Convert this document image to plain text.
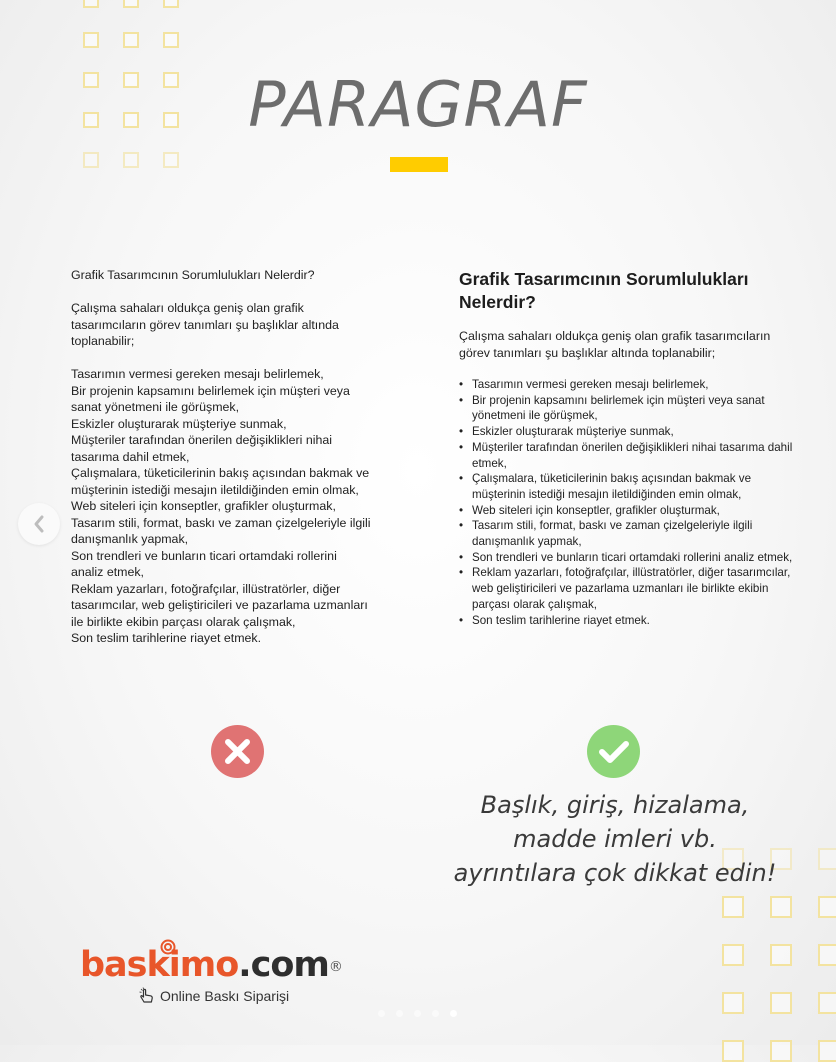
PARAGRAF

Grafik Tasarımcının Sorumlulukları Nelerdir?

Çalışma sahaları oldukça geniş olan grafik
tasarımcıların görev tanımları şu başlıklar altında
toplanabilir;
Tasarımın vermesi gereken mesajı belirlemek,
Bir projenin kapsamını belirlemek için müşteri veya
sanat yönetmeni ile görüşmek,
Eskizler oluşturarak müşteriye sunmak,
Müşteriler tarafından önerilen değişiklikleri nihai
tasarıma dahil etmek,
Çalışmalara, tüketicilerinin bakış açısından bakmak ve
müşterinin istediği mesajın iletildiğinden emin olmak,
Web siteleri için konseptler, grafikler oluşturmak,
Tasarım stili, format, baskı ve zaman çizelgeleriyle ilgili
danışmanlık yapmak,
Son trendleri ve bunların ticari ortamdaki rollerini
analiz etmek,
Reklam yazarları, fotoğrafçılar, illüstratörler, diğer
tasarımcılar, web geliştiricileri ve pazarlama uzmanları
ile birlikte ekibin parçası olarak çalışmak,
Son teslim tarihlerine riayet etmek.
Grafik Tasarımcının Sorumlulukları Nelerdir?

Çalışma sahaları oldukça geniş olan grafik tasarımcıların görev tanımları şu başlıklar altında toplanabilir;

• Tasarımın vermesi gereken mesajı belirlemek,
• Bir projenin kapsamını belirlemek için müşteri veya sanat yönetmeni ile görüşmek,
• Eskizler oluşturarak müşteriye sunmak,
• Müşteriler tarafından önerilen değişiklikleri nihai tasarıma dahil etmek,
• Çalışmalara, tüketicilerinin bakış açısından bakmak ve müşterinin istediği mesajın iletildiğinden emin olmak,
• Web siteleri için konseptler, grafikler oluşturmak,
• Tasarım stili, format, baskı ve zaman çizelgeleriyle ilgili danışmanlık yapmak,
• Son trendleri ve bunların ticari ortamdaki rollerini analiz etmek,
• Reklam yazarları, fotoğrafçılar, illüstratörler, diğer tasarımcılar, web geliştiricileri ve pazarlama uzmanları ile birlikte ekibin parçası olarak çalışmak,
• Son teslim tarihlerine riayet etmek.
Başlık, giriş, hizalama,
madde imleri vb.
ayrıntılara çok dikkat edin!
baskimo.com®
Online Baskı Siparişi
